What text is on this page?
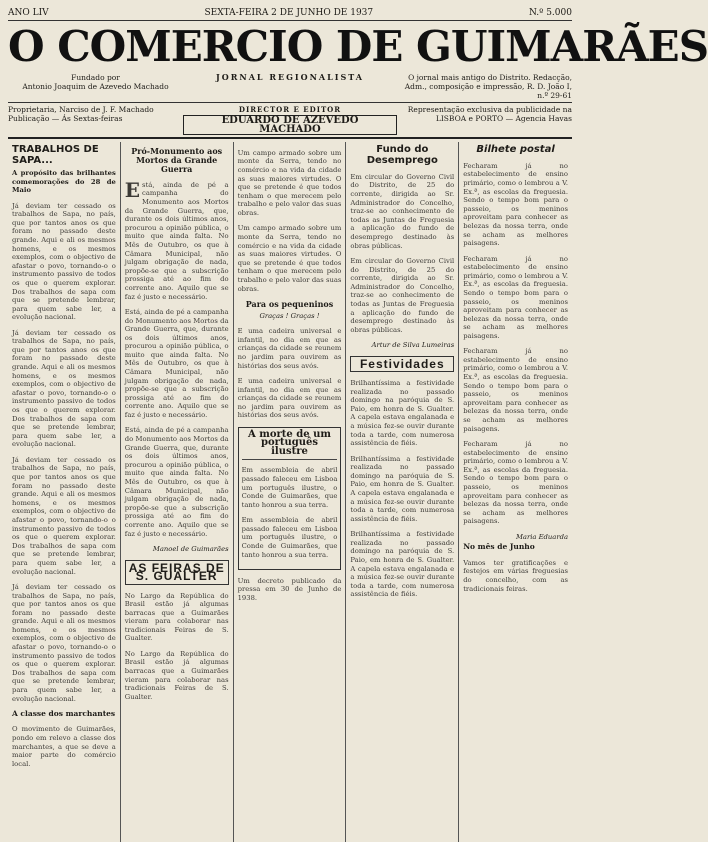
ANO LIV	SEXTA-FEIRA 2 DE JUNHO DE 1937	N.º 5.000
O COMERCIO DE GUIMARÃES
Fundado por
Antonio Joaquim de Azevedo Machado
JORNAL REGIONALISTA	O jornal mais antigo do Distrito. Redacção, Adm., composição e impressão, R. D. João I, n.º 29-61
Proprietaria, Narciso de J. F. Machado
Publicação — Ás Sextas-feiras
DIRECTOR E EDITOR
EDUARDO DE AZEVEDO MACHADO
Representação exclusiva da publicidade na LISBOA e PORTO — Agencia Havas
TRABALHOS DE SAPA...
A propósito das brilhantes comemorações do 28 de Maio

Já deviam ter cessado os trabalhos de Sapa, no país, que por tantos anos os que foram no passado deste grande. Aqui e ali os mesmos homens, e os mesmos exemplos, com o objectivo de afastar o povo, tornando-o o instrumento passivo de todos os que o querem explorar. Dos trabalhos de sapa com que se pretende lembrar, para quem sabe ler, a evolução nacional.

Já deviam ter cessado os trabalhos de Sapa, no país, que por tantos anos os que foram no passado deste grande. Aqui e ali os mesmos homens, e os mesmos exemplos, com o objectivo de afastar o povo, tornando-o o instrumento passivo de todos os que o querem explorar. Dos trabalhos de sapa com que se pretende lembrar, para quem sabe ler, a evolução nacional.

Já deviam ter cessado os trabalhos de Sapa, no país, que por tantos anos os que foram no passado deste grande. Aqui e ali os mesmos homens, e os mesmos exemplos, com o objectivo de afastar o povo, tornando-o o instrumento passivo de todos os que o querem explorar. Dos trabalhos de sapa com que se pretende lembrar, para quem sabe ler, a evolução nacional.

Já deviam ter cessado os trabalhos de Sapa, no país, que por tantos anos os que foram no passado deste grande. Aqui e ali os mesmos homens, e os mesmos exemplos, com o objectivo de afastar o povo, tornando-o o instrumento passivo de todos os que o querem explorar. Dos trabalhos de sapa com que se pretende lembrar, para quem sabe ler, a evolução nacional.

A classe dos marchantes

O movimento de Guimarães, pondo em relevo a classe dos marchantes, a que se deve a maior parte do comércio local.

Pró-Monumento aos Mortos da Grande Guerra

Está, ainda de pé a campanha do Monumento aos Mortos da Grande Guerra, que, durante os dois últimos anos, procurou a opinião pública, o muito que ainda falta. No Mês de Outubro, os que à Câmara Municipal, não julgam obrigação de nada, propõe-se que a subscrição prossiga até ao fim do corrente ano. Aquilo que se faz é justo e necessário.

Está, ainda de pé a campanha do Monumento aos Mortos da Grande Guerra, que, durante os dois últimos anos, procurou a opinião pública, o muito que ainda falta. No Mês de Outubro, os que à Câmara Municipal, não julgam obrigação de nada, propõe-se que a subscrição prossiga até ao fim do corrente ano. Aquilo que se faz é justo e necessário.

Está, ainda de pé a campanha do Monumento aos Mortos da Grande Guerra, que, durante os dois últimos anos, procurou a opinião pública, o muito que ainda falta. No Mês de Outubro, os que à Câmara Municipal, não julgam obrigação de nada, propõe-se que a subscrição prossiga até ao fim do corrente ano. Aquilo que se faz é justo e necessário.

Manoel de Guimarães
AS FEIRAS DE S. GUALTER

No Largo da República do Brasil estão já algumas barracas que a Guimarães vieram para colaborar nas tradicionais Feiras de S. Gualter.

No Largo da República do Brasil estão já algumas barracas que a Guimarães vieram para colaborar nas tradicionais Feiras de S. Gualter.

Um campo armado sobre um monte da Serra, tendo no comércio e na vida da cidade as suas maiores virtudes. O que se pretende é que todos tenham o que merecem pelo trabalho e pelo valor das suas obras.

Um campo armado sobre um monte da Serra, tendo no comércio e na vida da cidade as suas maiores virtudes. O que se pretende é que todos tenham o que merecem pelo trabalho e pelo valor das suas obras.

Para os pequeninos
Graças ! Graças !

E uma cadeira universal e infantil, no dia em que as crianças da cidade se reunem no jardim para ouvirem as histórias dos seus avós.

E uma cadeira universal e infantil, no dia em que as crianças da cidade se reunem no jardim para ouvirem as histórias dos seus avós.

A morte de um português ilustre

Em assembleia de abril passado faleceu em Lisboa um português ilustre, o Conde de Guimarães, que tanto honrou a sua terra.

Em assembleia de abril passado faleceu em Lisboa um português ilustre, o Conde de Guimarães, que tanto honrou a sua terra.

Um decreto publicado da pressa em 30 de Junho de 1938.

Fundo do Desemprego

Em circular do Governo Civil do Distrito, de 25 do corrente, dirigida ao Sr. Administrador do Concelho, traz-se ao conhecimento de todas as Juntas de Freguesia a aplicação do fundo de desemprego destinado às obras públicas.

Em circular do Governo Civil do Distrito, de 25 do corrente, dirigida ao Sr. Administrador do Concelho, traz-se ao conhecimento de todas as Juntas de Freguesia a aplicação do fundo de desemprego destinado às obras públicas.

Artur de Silva Lumeiras
Festividades

Brilhantíssima a festividade realizada no passado domingo na paróquia de S. Paio, em honra de S. Gualter. A capela estava engalanada e a música fez-se ouvir durante toda a tarde, com numerosa assistência de fiéis.

Brilhantíssima a festividade realizada no passado domingo na paróquia de S. Paio, em honra de S. Gualter. A capela estava engalanada e a música fez-se ouvir durante toda a tarde, com numerosa assistência de fiéis.

Brilhantíssima a festividade realizada no passado domingo na paróquia de S. Paio, em honra de S. Gualter. A capela estava engalanada e a música fez-se ouvir durante toda a tarde, com numerosa assistência de fiéis.

Bilhete postal

Fecharam já no estabelecimento de ensino primário, como o lembrou a V. Ex.ª, as escolas da freguesia. Sendo o tempo bom para o passeio, os meninos aproveitam para conhecer as belezas da nossa terra, onde se acham as melhores paisagens.

Fecharam já no estabelecimento de ensino primário, como o lembrou a V. Ex.ª, as escolas da freguesia. Sendo o tempo bom para o passeio, os meninos aproveitam para conhecer as belezas da nossa terra, onde se acham as melhores paisagens.

Fecharam já no estabelecimento de ensino primário, como o lembrou a V. Ex.ª, as escolas da freguesia. Sendo o tempo bom para o passeio, os meninos aproveitam para conhecer as belezas da nossa terra, onde se acham as melhores paisagens.

Fecharam já no estabelecimento de ensino primário, como o lembrou a V. Ex.ª, as escolas da freguesia. Sendo o tempo bom para o passeio, os meninos aproveitam para conhecer as belezas da nossa terra, onde se acham as melhores paisagens.

Maria Eduarda
No mês de Junho

Vamos ter gratificações e festejos em várias freguesias do concelho, com as tradicionais feiras.
